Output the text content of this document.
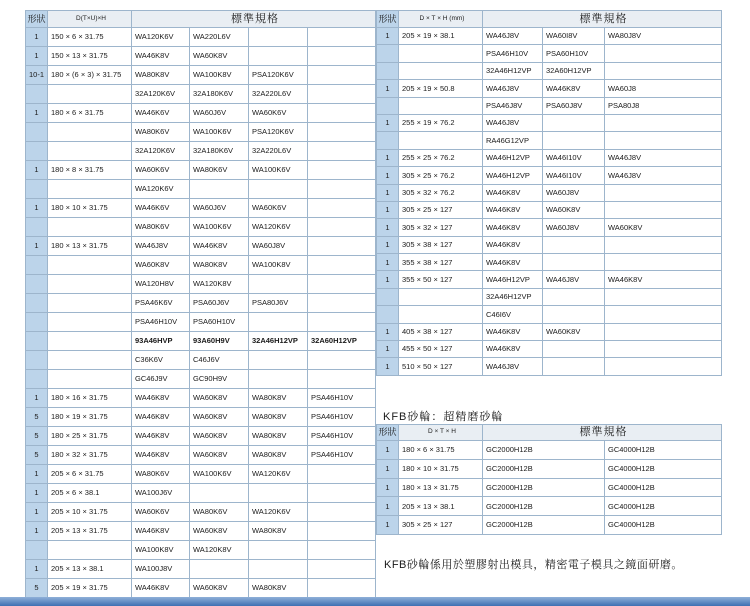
形狀	D(T×U)×H	標準規格			
1	150 × 6 × 31.75	WA120K6V	WA220L6V		
1	150 × 13 × 31.75	WA46K8V	WA60K8V		
10-1	180 × (6 × 3) × 31.75	WA80K8V	WA100K8V	PSA120K6V	
		32A120K6V	32A180K6V	32A220L6V	
1	180 × 6 × 31.75	WA46K6V	WA60J6V	WA60K6V	
		WA80K6V	WA100K6V	PSA120K6V	
		32A120K6V	32A180K6V	32A220L6V	
1	180 × 8 × 31.75	WA60K6V	WA80K6V	WA100K6V	
		WA120K6V			
1	180 × 10 × 31.75	WA46K6V	WA60J6V	WA60K6V	
		WA80K6V	WA100K6V	WA120K6V	
1	180 × 13 × 31.75	WA46J8V	WA46K8V	WA60J8V	
		WA60K8V	WA80K8V	WA100K8V	
		WA120H8V	WA120K8V		
		PSA46K6V	PSA60J6V	PSA80J6V	
		PSA46H10V	PSA60H10V		
		93A46HVP	93A60H9V	32A46H12VP	32A60H12VP
		C36K6V	C46J6V		
		GC46J9V	GC90H9V		
1	180 × 16 × 31.75	WA46K8V	WA60K8V	WA80K8V	PSA46H10V
5	180 × 19 × 31.75	WA46K8V	WA60K8V	WA80K8V	PSA46H10V
5	180 × 25 × 31.75	WA46K8V	WA60K8V	WA80K8V	PSA46H10V
5	180 × 32 × 31.75	WA46K8V	WA60K8V	WA80K8V	PSA46H10V
1	205 × 6 × 31.75	WA80K6V	WA100K6V	WA120K6V	
1	205 × 6 × 38.1	WA100J6V			
1	205 × 10 × 31.75	WA60K6V	WA80K6V	WA120K6V	
1	205 × 13 × 31.75	WA46K8V	WA60K8V	WA80K8V	
		WA100K8V	WA120K8V		
1	205 × 13 × 38.1	WA100J8V			
5	205 × 19 × 31.75	WA46K8V	WA60K8V	WA80K8V	
形狀	D × T × H (mm)	標準規格		
1	205 × 19 × 38.1	WA46J8V	WA60I8V	WA80J8V
		PSA46H10V	PSA60H10V	
		32A46H12VP	32A60H12VP	
1	205 × 19 × 50.8	WA46J8V	WA46K8V	WA60J8
		PSA46J8V	PSA60J8V	PSA80J8
1	255 × 19 × 76.2	WA46J8V		
		RA46G12VP		
1	255 × 25 × 76.2	WA46H12VP	WA46I10V	WA46J8V
1	305 × 25 × 76.2	WA46H12VP	WA46I10V	WA46J8V
1	305 × 32 × 76.2	WA46K8V	WA60J8V	
1	305 × 25 × 127	WA46K8V	WA60K8V	
1	305 × 32 × 127	WA46K8V	WA60J8V	WA60K8V
1	305 × 38 × 127	WA46K8V		
1	355 × 38 × 127	WA46K8V		
1	355 × 50 × 127	WA46H12VP	WA46J8V	WA46K8V
		32A46H12VP		
		C46I6V		
1	405 × 38 × 127	WA46K8V	WA60K8V	
1	455 × 50 × 127	WA46K8V		
1	510 × 50 × 127	WA46J8V		
KFB砂輪：超精磨砂輪
形狀	D × T × H	標準規格	
1	180 × 6 × 31.75	GC2000H12B	GC4000H12B
1	180 × 10 × 31.75	GC2000H12B	GC4000H12B
1	180 × 13 × 31.75	GC2000H12B	GC4000H12B
1	205 × 13 × 38.1	GC2000H12B	GC4000H12B
1	305 × 25 × 127	GC2000H12B	GC4000H12B
KFB砂輪係用於塑膠射出模具，精密電子模具之鏡面研磨。
